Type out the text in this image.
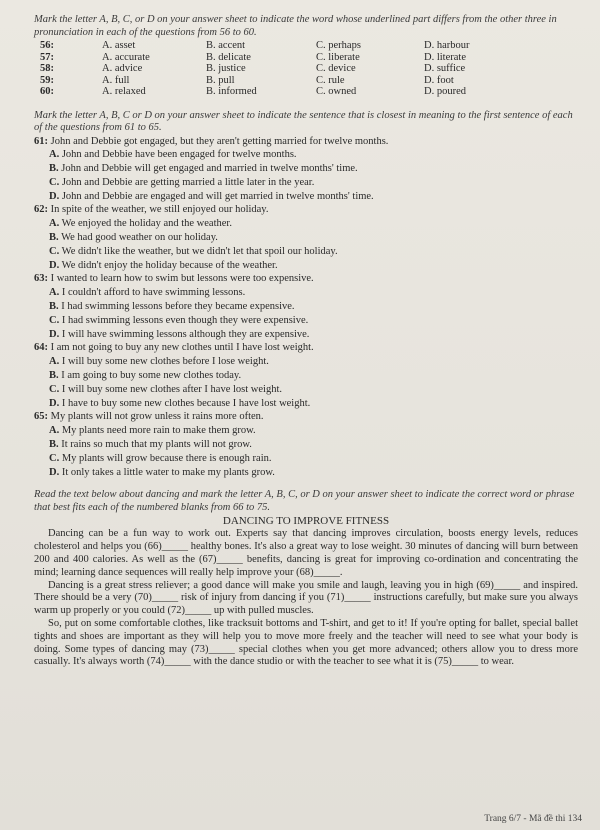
Mark the letter A, B, C, or D on your answer sheet to indicate the word whose underlined part differs from the other three in pronunciation in each of the questions from 56 to 60.

56:	A. asset	B. accent	C. perhaps	D. harbour
57:	A. accurate	B. delicate	C. liberate	D. literate
58:	A. advice	B. justice	C. device	D. suffice
59:	A. full	B. pull	C. rule	D. foot
60:	A. relaxed	B. informed	C. owned	D. poured

Mark the letter A, B, C or D on your answer sheet to indicate the sentence that is closest in meaning to the first sentence of each of the questions from 61 to 65.

61: John and Debbie got engaged, but they aren't getting married for twelve months.

A. John and Debbie have been engaged for twelve months.

B. John and Debbie will get engaged and married in twelve months' time.

C. John and Debbie are getting married a little later in the year.

D. John and Debbie are engaged and will get married in twelve months' time.

62: In spite of the weather, we still enjoyed our holiday.

A. We enjoyed the holiday and the weather.

B. We had good weather on our holiday.

C. We didn't like the weather, but we didn't let that spoil our holiday.

D. We didn't enjoy the holiday because of the weather.

63: I wanted to learn how to swim but lessons were too expensive.

A. I couldn't afford to have swimming lessons.

B. I had swimming lessons before they became expensive.

C. I had swimming lessons even though they were expensive.

D. I will have swimming lessons although they are expensive.

64: I am not going to buy any new clothes until I have lost weight.

A. I will buy some new clothes before I lose weight.

B. I am going to buy some new clothes today.

C. I will buy some new clothes after I have lost weight.

D. I have to buy some new clothes because I have lost weight.

65: My plants will not grow unless it rains more often.

A. My plants need more rain to make them grow.

B. It rains so much that my plants will not grow.

C. My plants will grow because there is enough rain.

D. It only takes a little water to make my plants grow.

Read the text below about dancing and mark the letter A, B, C, or D on your answer sheet to indicate the correct word or phrase that best fits each of the numbered blanks from 66 to 75.

DANCING TO IMPROVE FITNESS

Dancing can be a fun way to work out. Experts say that dancing improves circulation, boosts energy levels, reduces cholesterol and helps you (66)_____ healthy bones. It's also a great way to lose weight. 30 minutes of dancing will burn between 200 and 400 calories. As well as the (67)_____ benefits, dancing is great for improving co-ordination and concentrating the mind; learning dance sequences will really help improve your (68)_____.

Dancing is a great stress reliever; a good dance will make you smile and laugh, leaving you in high (69)_____ and inspired. There should be a very (70)_____ risk of injury from dancing if you (71)_____ instructions carefully, but make sure you always warm up properly or you could (72)_____ up with pulled muscles.

So, put on some comfortable clothes, like tracksuit bottoms and T-shirt, and get to it! If you're opting for ballet, special ballet tights and shoes are important as they will help you to move more freely and the teacher will need to see what your body is doing. Some types of dancing may (73)_____ special clothes when you get more advanced; others allow you to dress more casually. It's always worth (74)_____ with the dance studio or with the teacher to see what it is (75)_____ to wear.

Trang 6/7 - Mã đề thi 134
